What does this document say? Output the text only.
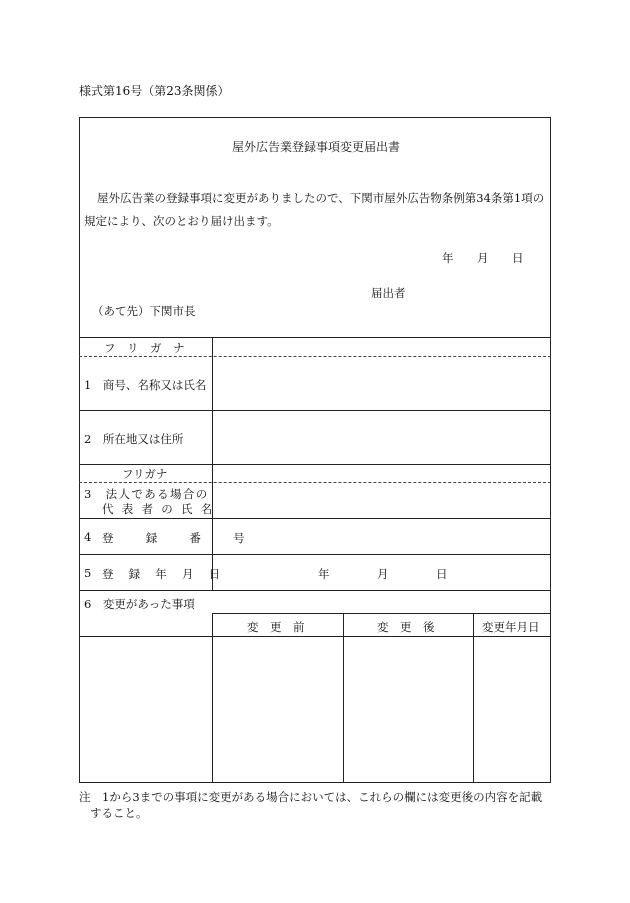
様式第16号（第23条関係）
屋外広告業登録事項変更届出書
屋外広告業の登録事項に変更がありましたので、下関市屋外広告物条例第34条第1項の
規定により、次のとおり届け出ます。
年 月 日
届出者
（あて先）下関市長
フ　リ　ガ　ナ
1　商号、名称又は氏名
2　所在地又は住所
フリガナ
3　法人である場合の
代 表 者 の 氏 名
4 登　録　番　号
5 登 録 年 月 日	年	月	日
6　変更があった事項
変　更　前	変　更　後	変更年月日
注　1から3までの事項に変更がある場合においては、これらの欄には変更後の内容を記載
すること。
